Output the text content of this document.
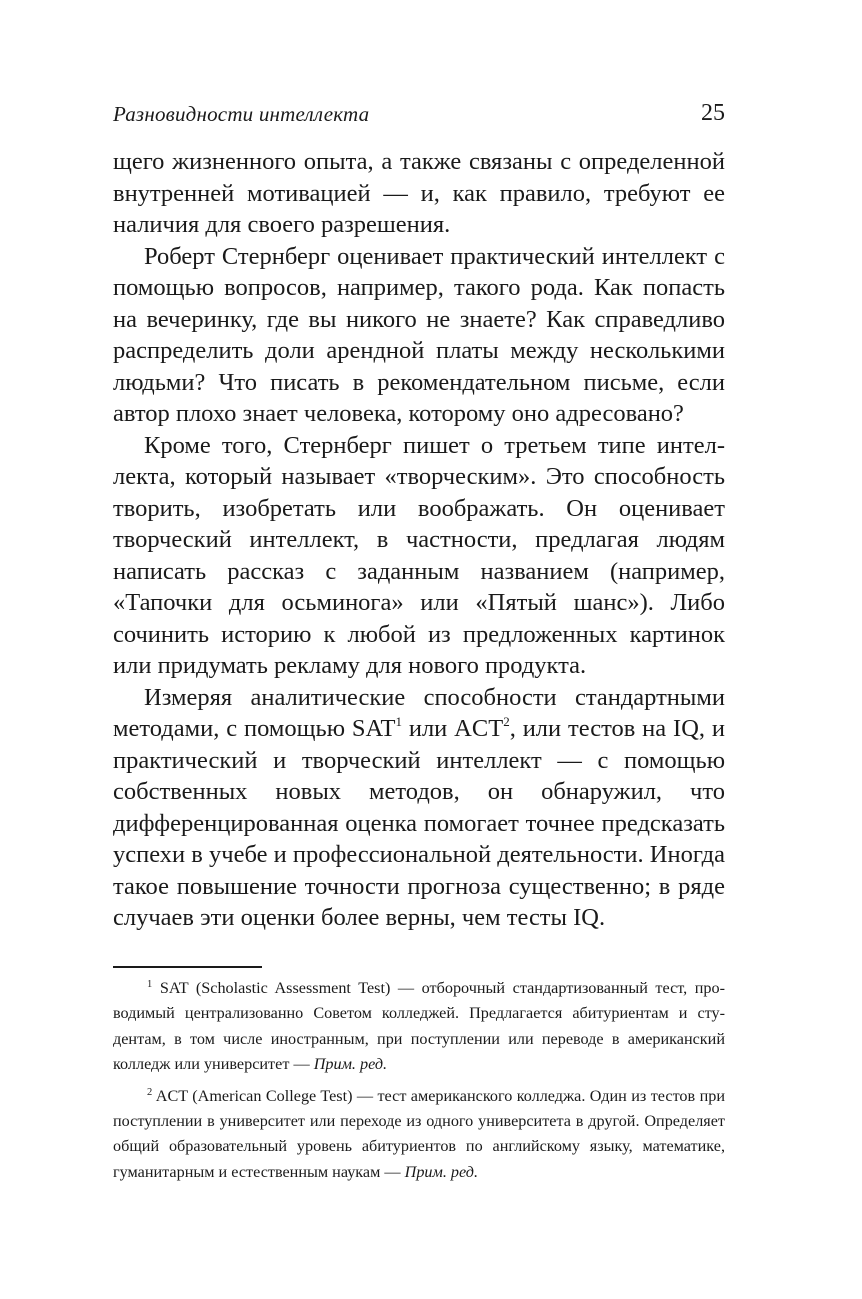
Разновидности интеллекта	25

щего жизненного опыта, а также связаны с определенной внутренней мотивацией — и, как правило, требуют ее наличия для своего разрешения.

Роберт Стернберг оценивает практический интеллект с помощью вопросов, например, такого рода. Как попасть на вечеринку, где вы никого не знаете? Как справедливо распределить доли арендной платы между несколькими людьми? Что писать в рекомендательном письме, если автор плохо знает человека, которому оно адресовано?

Кроме того, Стернберг пишет о третьем типе интеллекта, который называет «творческим». Это способность творить, изобретать или воображать. Он оценивает творческий интеллект, в частности, предлагая людям написать рассказ с заданным названием (например, «Тапочки для осьминога» или «Пятый шанс»). Либо сочинить историю к любой из предложенных картинок или придумать рекламу для нового продукта.

Измеряя аналитические способности стандартными методами, с помощью SAT$^1$ или ACT$^2$, или тестов на IQ, и практический и творческий интеллект — с помощью собственных новых методов, он обнаружил, что дифференцированная оценка помогает точнее предсказать успехи в учебе и профессиональной деятельности. Иногда такое повышение точности прогноза существенно; в ряде случаев эти оценки более верны, чем тесты IQ.

$^1$ SAT (Scholastic Assessment Test) — отборочный стандартизованный тест, проводимый централизованно Советом колледжей. Предлагается абитуриентам и студентам, в том числе иностранным, при поступлении или переводе в американский колледж или университет — Прим. ред.

$^2$ ACT (American College Test) — тест американского колледжа. Один из тестов при поступлении в университет или переходе из одного университета в другой. Определяет общий образовательный уровень абитуриентов по английскому языку, математике, гуманитарным и естественным наукам — Прим. ред.
